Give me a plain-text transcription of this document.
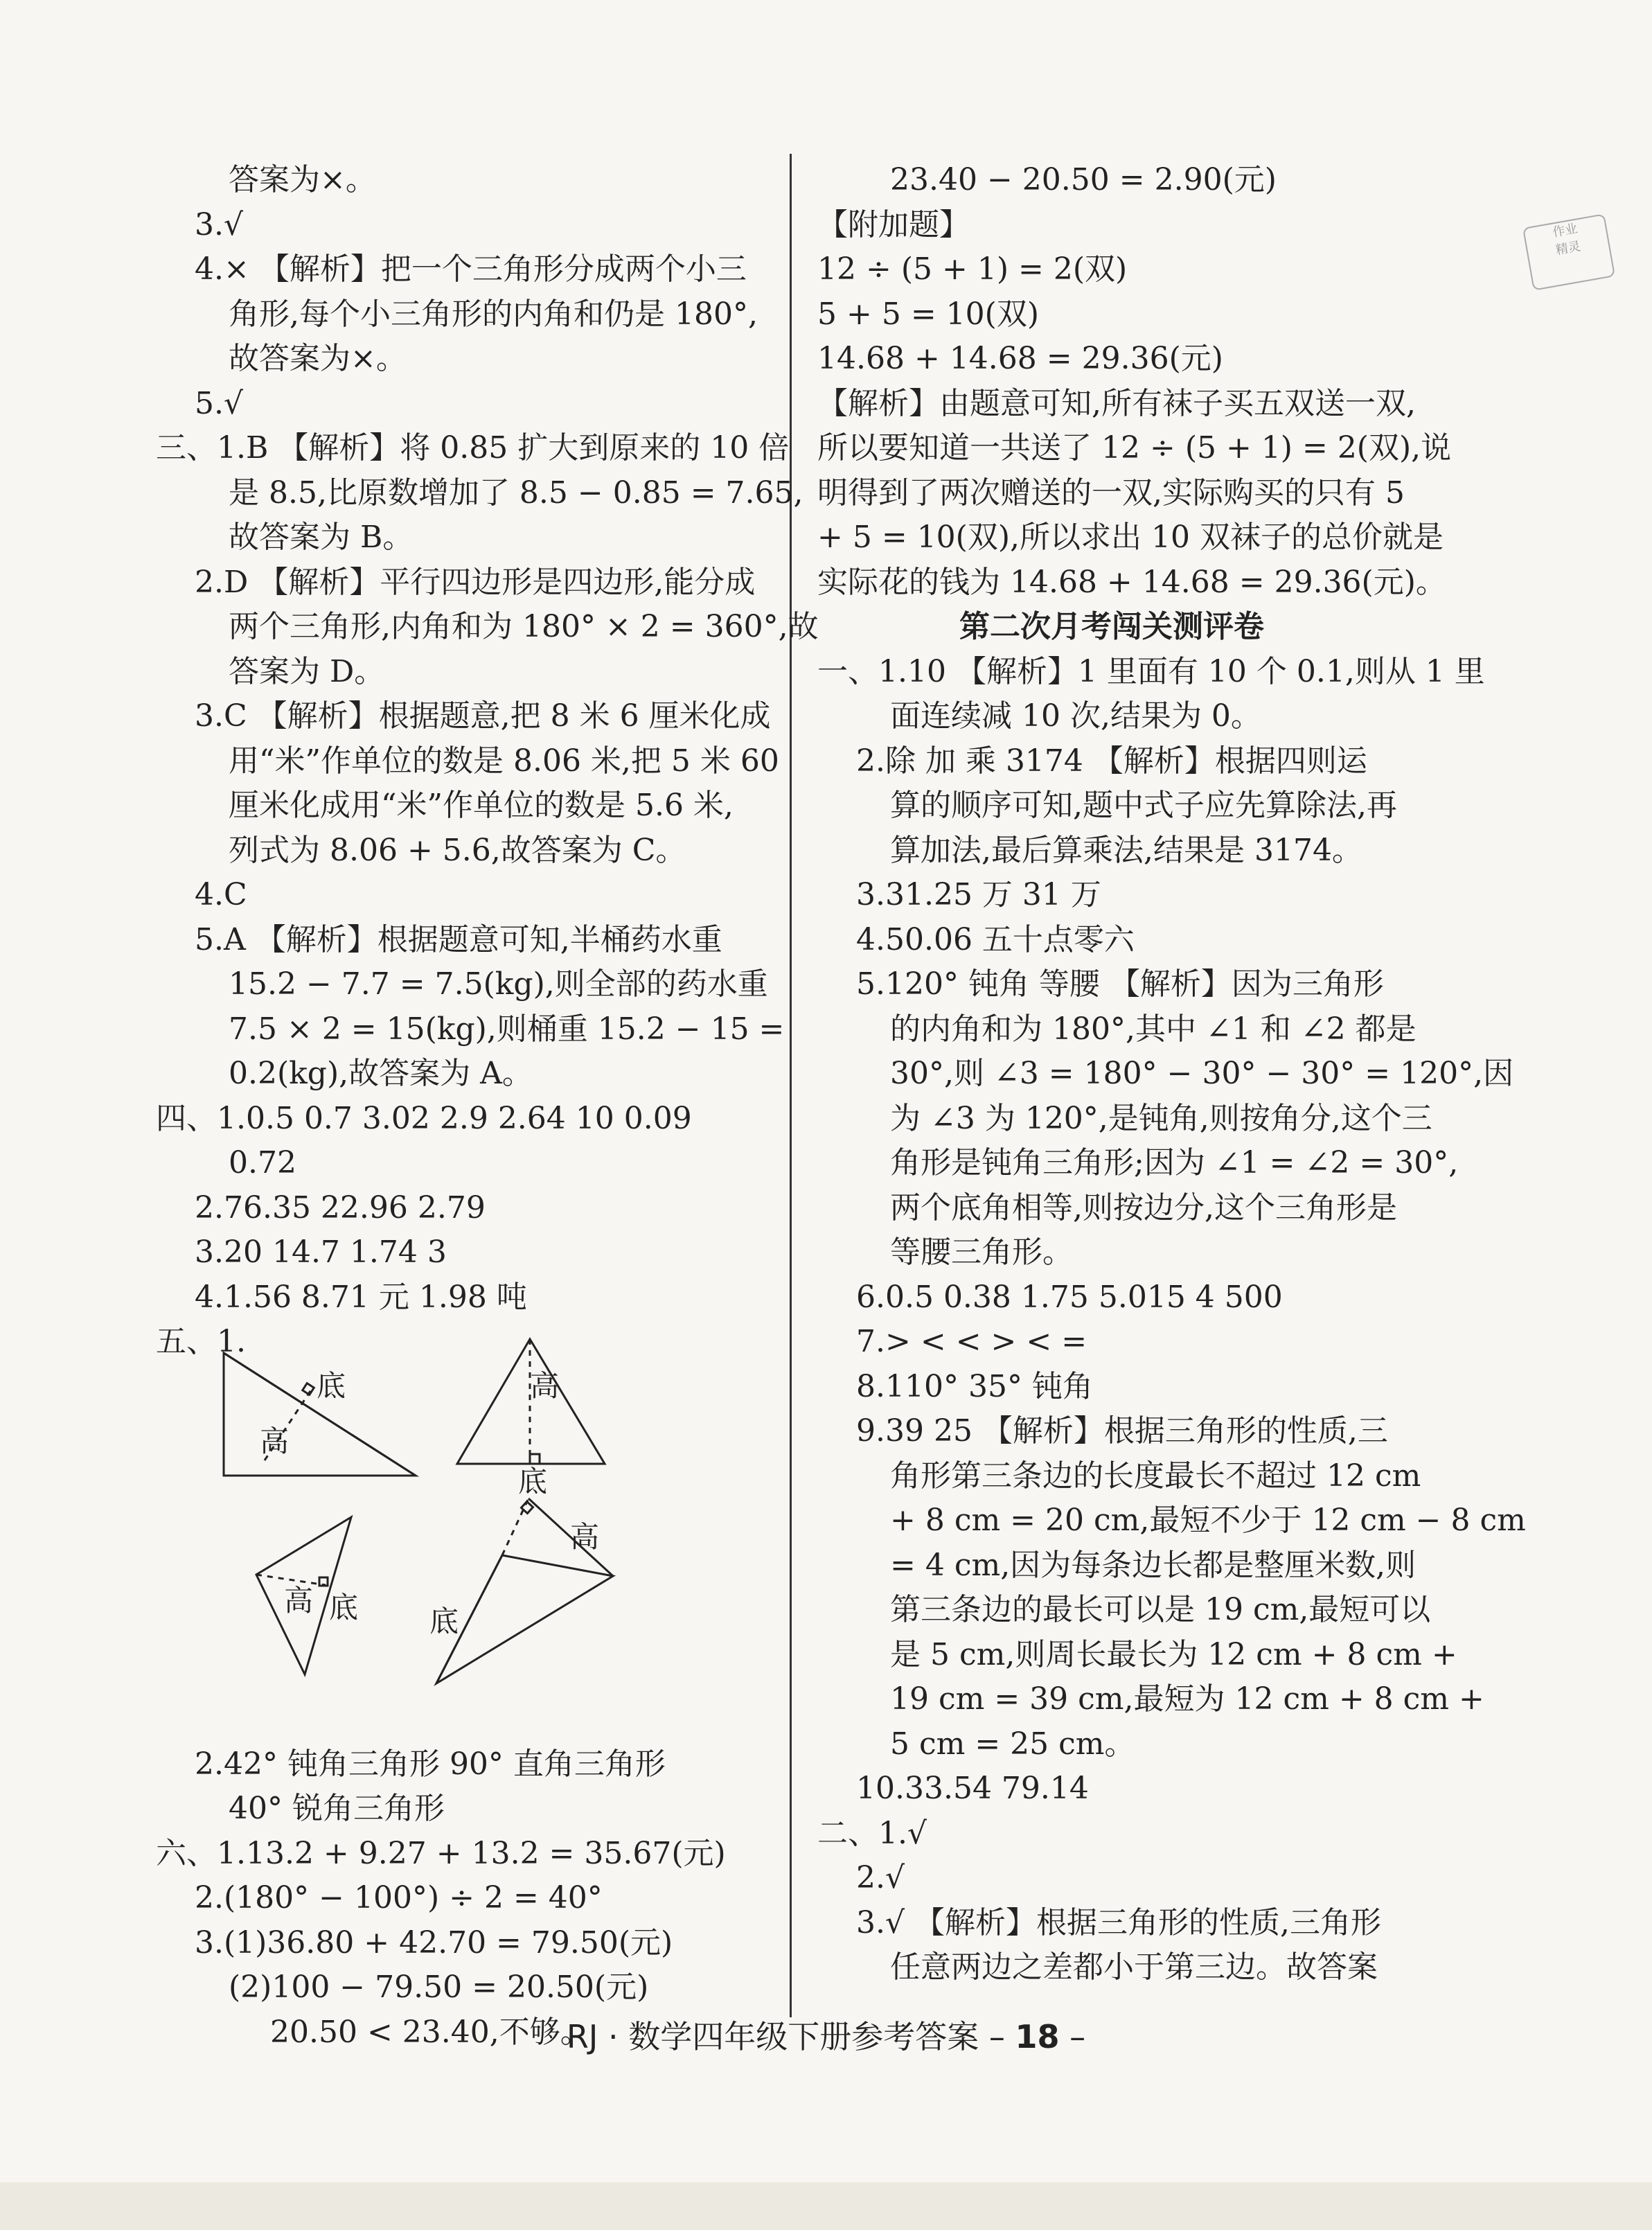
作业
精灵
答案为×。
3.√
4.× 【解析】把一个三角形分成两个小三
角形,每个小三角形的内角和仍是 180°,
故答案为×。
5.√
三、1.B 【解析】将 0.85 扩大到原来的 10 倍
是 8.5,比原数增加了 8.5 − 0.85 = 7.65,
故答案为 B。
2.D 【解析】平行四边形是四边形,能分成
两个三角形,内角和为 180° × 2 = 360°,故
答案为 D。
3.C 【解析】根据题意,把 8 米 6 厘米化成
用“米”作单位的数是 8.06 米,把 5 米 60
厘米化成用“米”作单位的数是 5.6 米,
列式为 8.06 + 5.6,故答案为 C。
4.C
5.A 【解析】根据题意可知,半桶药水重
15.2 − 7.7 = 7.5(kg),则全部的药水重
7.5 × 2 = 15(kg),则桶重 15.2 − 15 =
0.2(kg),故答案为 A。
四、1.0.5 0.7 3.02 2.9 2.64 10 0.09
0.72
2.76.35 22.96 2.79
3.20 14.7 1.74 3
4.1.56 8.71 元 1.98 吨
五、1.
2.42° 钝角三角形 90° 直角三角形
40° 锐角三角形
六、1.13.2 + 9.27 + 13.2 = 35.67(元)
2.(180° − 100°) ÷ 2 = 40°
3.(1)36.80 + 42.70 = 79.50(元)
(2)100 − 79.50 = 20.50(元)
20.50 < 23.40,不够。
底
高
高
底
高 底
高
底
23.40 − 20.50 = 2.90(元)
【附加题】
12 ÷ (5 + 1) = 2(双)
5 + 5 = 10(双)
14.68 + 14.68 = 29.36(元)
【解析】由题意可知,所有袜子买五双送一双,
所以要知道一共送了 12 ÷ (5 + 1) = 2(双),说
明得到了两次赠送的一双,实际购买的只有 5
+ 5 = 10(双),所以求出 10 双袜子的总价就是
实际花的钱为 14.68 + 14.68 = 29.36(元)。
第二次月考闯关测评卷
一、1.10 【解析】1 里面有 10 个 0.1,则从 1 里
面连续减 10 次,结果为 0。
2.除 加 乘 3174 【解析】根据四则运
算的顺序可知,题中式子应先算除法,再
算加法,最后算乘法,结果是 3174。
3.31.25 万 31 万
4.50.06 五十点零六
5.120° 钝角 等腰 【解析】因为三角形
的内角和为 180°,其中 ∠1 和 ∠2 都是
30°,则 ∠3 = 180° − 30° − 30° = 120°,因
为 ∠3 为 120°,是钝角,则按角分,这个三
角形是钝角三角形;因为 ∠1 = ∠2 = 30°,
两个底角相等,则按边分,这个三角形是
等腰三角形。
6.0.5 0.38 1.75 5.015 4 500
7.> < < > < =
8.110° 35° 钝角
9.39 25 【解析】根据三角形的性质,三
角形第三条边的长度最长不超过 12 cm
+ 8 cm = 20 cm,最短不少于 12 cm − 8 cm
= 4 cm,因为每条边长都是整厘米数,则
第三条边的最长可以是 19 cm,最短可以
是 5 cm,则周长最长为 12 cm + 8 cm +
19 cm = 39 cm,最短为 12 cm + 8 cm +
5 cm = 25 cm。
10.33.54 79.14
二、1.√
2.√
3.√ 【解析】根据三角形的性质,三角形
任意两边之差都小于第三边。故答案
RJ · 数学四年级下册参考答案 – 18 –
